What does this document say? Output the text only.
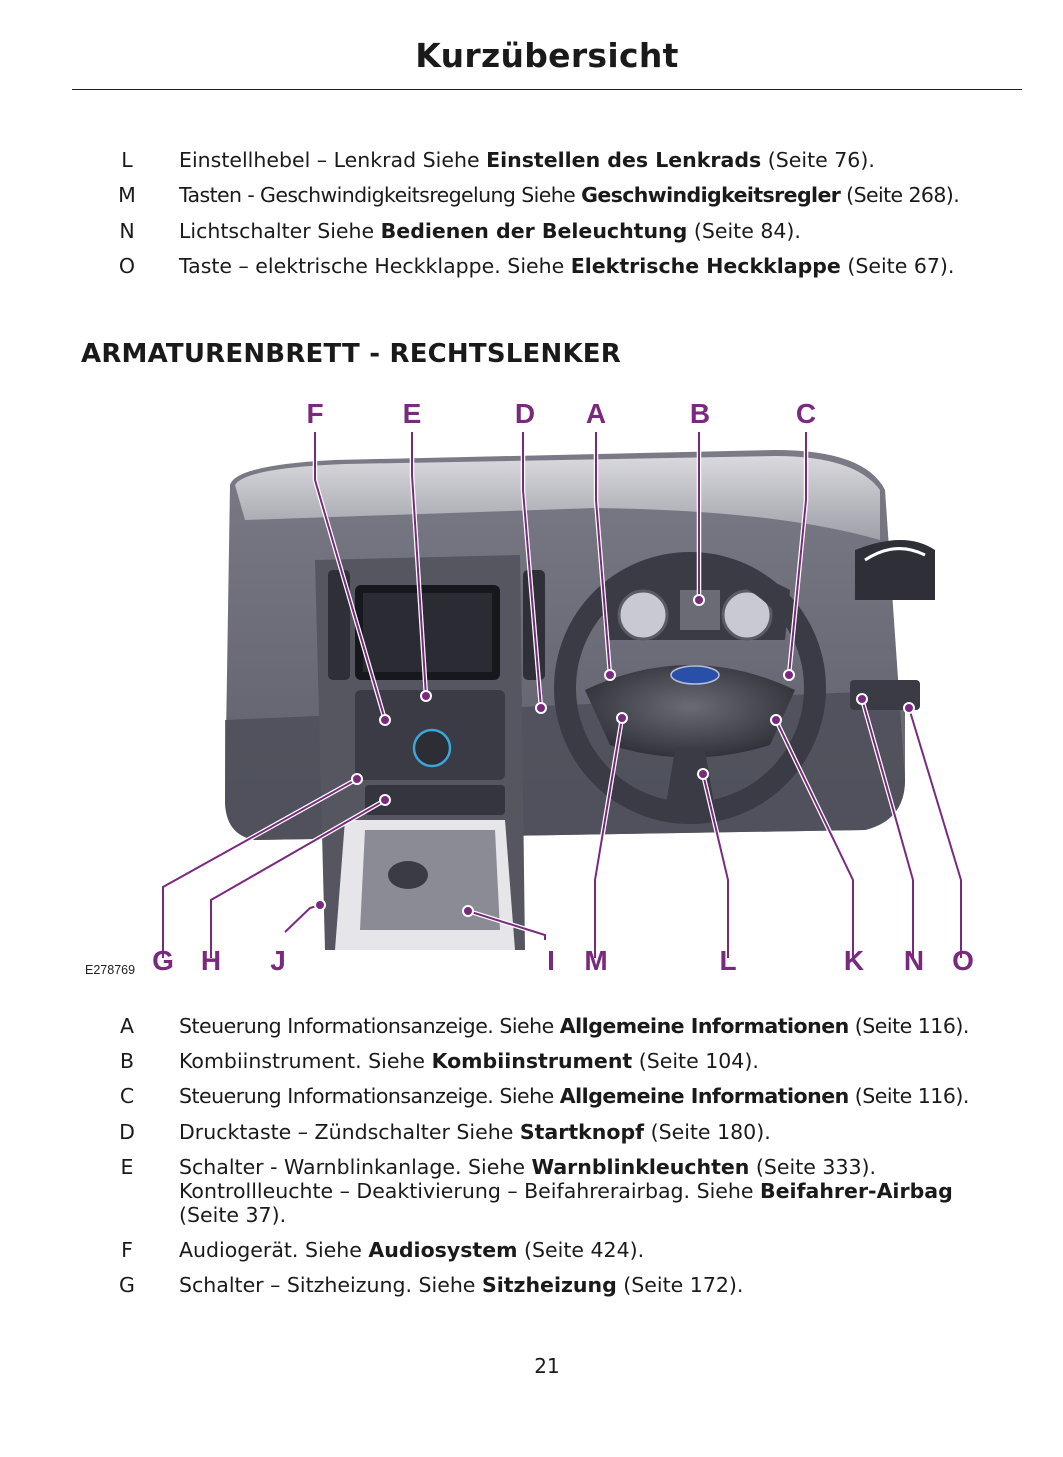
Kurzübersicht
L Einstellhebel – Lenkrad Siehe Einstellen des Lenkrads (Seite 76).
M Tasten - Geschwindigkeitsregelung Siehe Geschwindigkeitsregler (Seite 268).
N Lichtschalter Siehe Bedienen der Beleuchtung (Seite 84).
O Taste – elektrische Heckklappe. Siehe Elektrische Heckklappe (Seite 67).
ARMATURENBRETT - RECHTSLENKER
F	E	D A	B	C
G H J	I M	L	K N O
E278769
A Steuerung Informationsanzeige. Siehe Allgemeine Informationen (Seite 116).
B Kombiinstrument. Siehe Kombiinstrument (Seite 104).
C Steuerung Informationsanzeige. Siehe Allgemeine Informationen (Seite 116).
D Drucktaste – Zündschalter Siehe Startknopf (Seite 180).
E Schalter - Warnblinkanlage. Siehe Warnblinkleuchten (Seite 333).
Kontrollleuchte – Deaktivierung – Beifahrerairbag. Siehe Beifahrer-Airbag
(Seite 37).
F Audiogerät. Siehe Audiosystem (Seite 424).
G Schalter – Sitzheizung. Siehe Sitzheizung (Seite 172).
21
